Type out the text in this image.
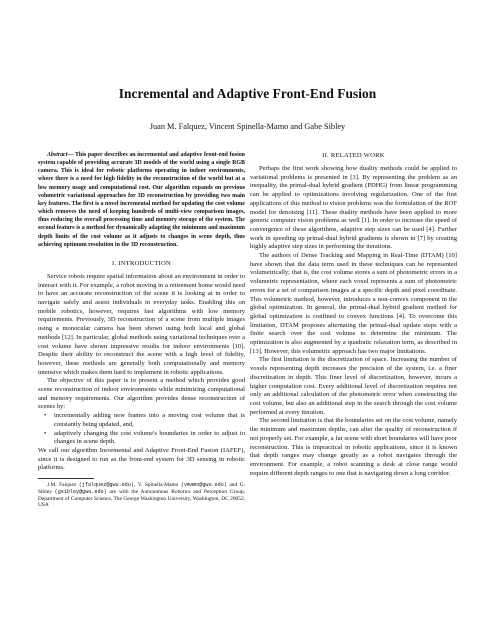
Incremental and Adaptive Front-End Fusion
Juan M. Falquez, Vincent Spinella-Mamo and Gabe Sibley

Abstract— This paper describes an incremental and adaptive front-end fusion system capable of providing accurate 3D models of the world using a single RGB camera. This is ideal for robotic platforms operating in indoor environments, where there is a need for high fidelity in the reconstruction of the world but at a low memory usage and computational cost. Our algorithm expands on previous volumetric variational approaches for 3D reconstruction by providing two main key features. The first is a novel incremental method for updating the cost volume which removes the need of keeping hundreds of multi-view comparison images, thus reducing the overall processing time and memory storage of the system. The second feature is a method for dynamically adapting the minimum and maximum depth limits of the cost volume as it adjusts to changes in scene depth, thus achieving optimum resolution in the 3D reconstruction.

I. INTRODUCTION

Service robots require spatial information about an environment in order to interact with it. For example, a robot moving in a retirement home would need to have an accurate reconstruction of the scene it is looking at in order to navigate safely and assist individuals in everyday tasks. Enabling this on mobile robotics, however, requires fast algorithms with low memory requirements. Previously, 3D reconstruction of a scene from multiple images using a monocular camera has been shown using both local and global methods [12]. In particular, global methods using variational techniques over a cost volume have shown impressive results for indoor environments [10]. Despite their ability to reconstruct the scene with a high level of fidelity, however, these methods are generally both computationally and memory intensive which makes them hard to implement in robotic applications.

The objective of this paper is to present a method which provides good scene reconstruction of indoor environments while minimizing computational and memory requirements. Our algorithm provides dense reconstruction of scenes by:

• incrementally adding new frames into a moving cost volume that is constantly being updated, and,
• adaptively changing the cost volume's boundaries in order to adjust to changes in scene depth.

We call our algorithm Incremental and Adaptive Front-End Fusion (IAFEF), since it is designed to run as the front-end system for 3D sensing in robotic platforms.

J.M. Falquez (jfalquez@gwu.edu), V. Spinella-Mamo (vmamo@gwu.edu) and G. Sibley (gsibley@gwu.edu) are with the Autonomous Robotics and Perception Group, Department of Computer Science, The George Washington University, Washington, DC 20052, USA

II. RELATED WORK

Perhaps the first work showing how duality methods could be applied to variational problems is presented in [3]. By representing the problem as an inequality, the primal-dual hybrid gradient (PDHG) from linear programming can be applied to optimizations involving regularization. One of the first applications of this method to vision problems was the formulation of the ROF model for denoising [11]. These duality methods have been applied to more generic computer vision problems as well [1]. In order to increase the speed of convergence of these algorithms, adaptive step sizes can be used [4]. Further work in speeding up primal-dual hybrid gradients is shown in [7] by creating highly adaptive step sizes in performing the iterations.

The authors of Dense Tracking and Mapping in Real-Time (DTAM) [10] have shown that the data term used in these techniques can be represented volumetrically; that is, the cost volume stores a sum of photometric errors in a volumetric representation, where each voxel represents a sum of photometric errors for a set of comparison images at a specific depth and pixel coordinate. This volumetric method, however, introduces a non-convex component in the global optimization. In general, the primal-dual hybrid gradient method for global optimization is confined to convex functions [4]. To overcome this limitation, DTAM proposes alternating the primal-dual update steps with a finite search over the cost volume to determine the minimum. The optimization is also augmented by a quadratic relaxation term, as described in [13]. However, this volumetric approach has two major limitations.

The first limitation is the discretization of space. Increasing the number of voxels representing depth increases the precision of the system, i.e. a finer discretization in depth. This finer level of discretization, however, incurs a higher computation cost. Every additional level of discretization requires not only an additional calculation of the photometric error when constructing the cost volume, but also an additional step in the search through the cost volume performed at every iteration.

The second limitation is that the boundaries set on the cost volume, namely the minimum and maximum depths, can alter the quality of reconstruction if not properly set. For example, a far scene with short boundaries will have poor reconstruction. This is impractical in robotic applications, since it is known that depth ranges may change greatly as a robot navigates through the environment. For example, a robot scanning a desk at close range would require different depth ranges to one that is navigating down a long corridor.
